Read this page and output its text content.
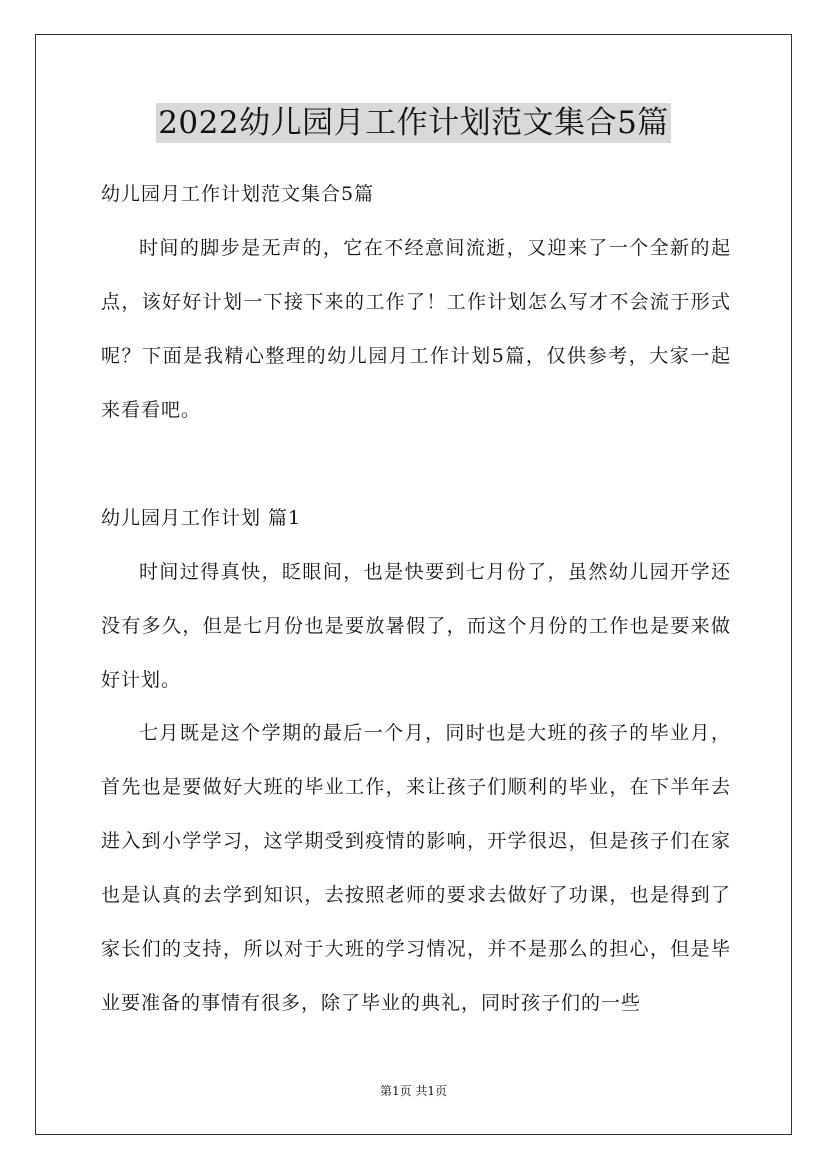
2022幼儿园月工作计划范文集合5篇

幼儿园月工作计划范文集合5篇

时间的脚步是无声的，它在不经意间流逝，又迎来了一个全新的起点，该好好计划一下接下来的工作了！工作计划怎么写才不会流于形式呢？下面是我精心整理的幼儿园月工作计划5篇，仅供参考，大家一起来看看吧。

幼儿园月工作计划 篇1

时间过得真快，眨眼间，也是快要到七月份了，虽然幼儿园开学还没有多久，但是七月份也是要放暑假了，而这个月份的工作也是要来做好计划。

七月既是这个学期的最后一个月，同时也是大班的孩子的毕业月，首先也是要做好大班的毕业工作，来让孩子们顺利的毕业，在下半年去进入到小学学习，这学期受到疫情的影响，开学很迟，但是孩子们在家也是认真的去学到知识，去按照老师的要求去做好了功课，也是得到了家长们的支持，所以对于大班的学习情况，并不是那么的担心，但是毕业要准备的事情有很多，除了毕业的典礼，同时孩子们的一些

第1页 共1页
